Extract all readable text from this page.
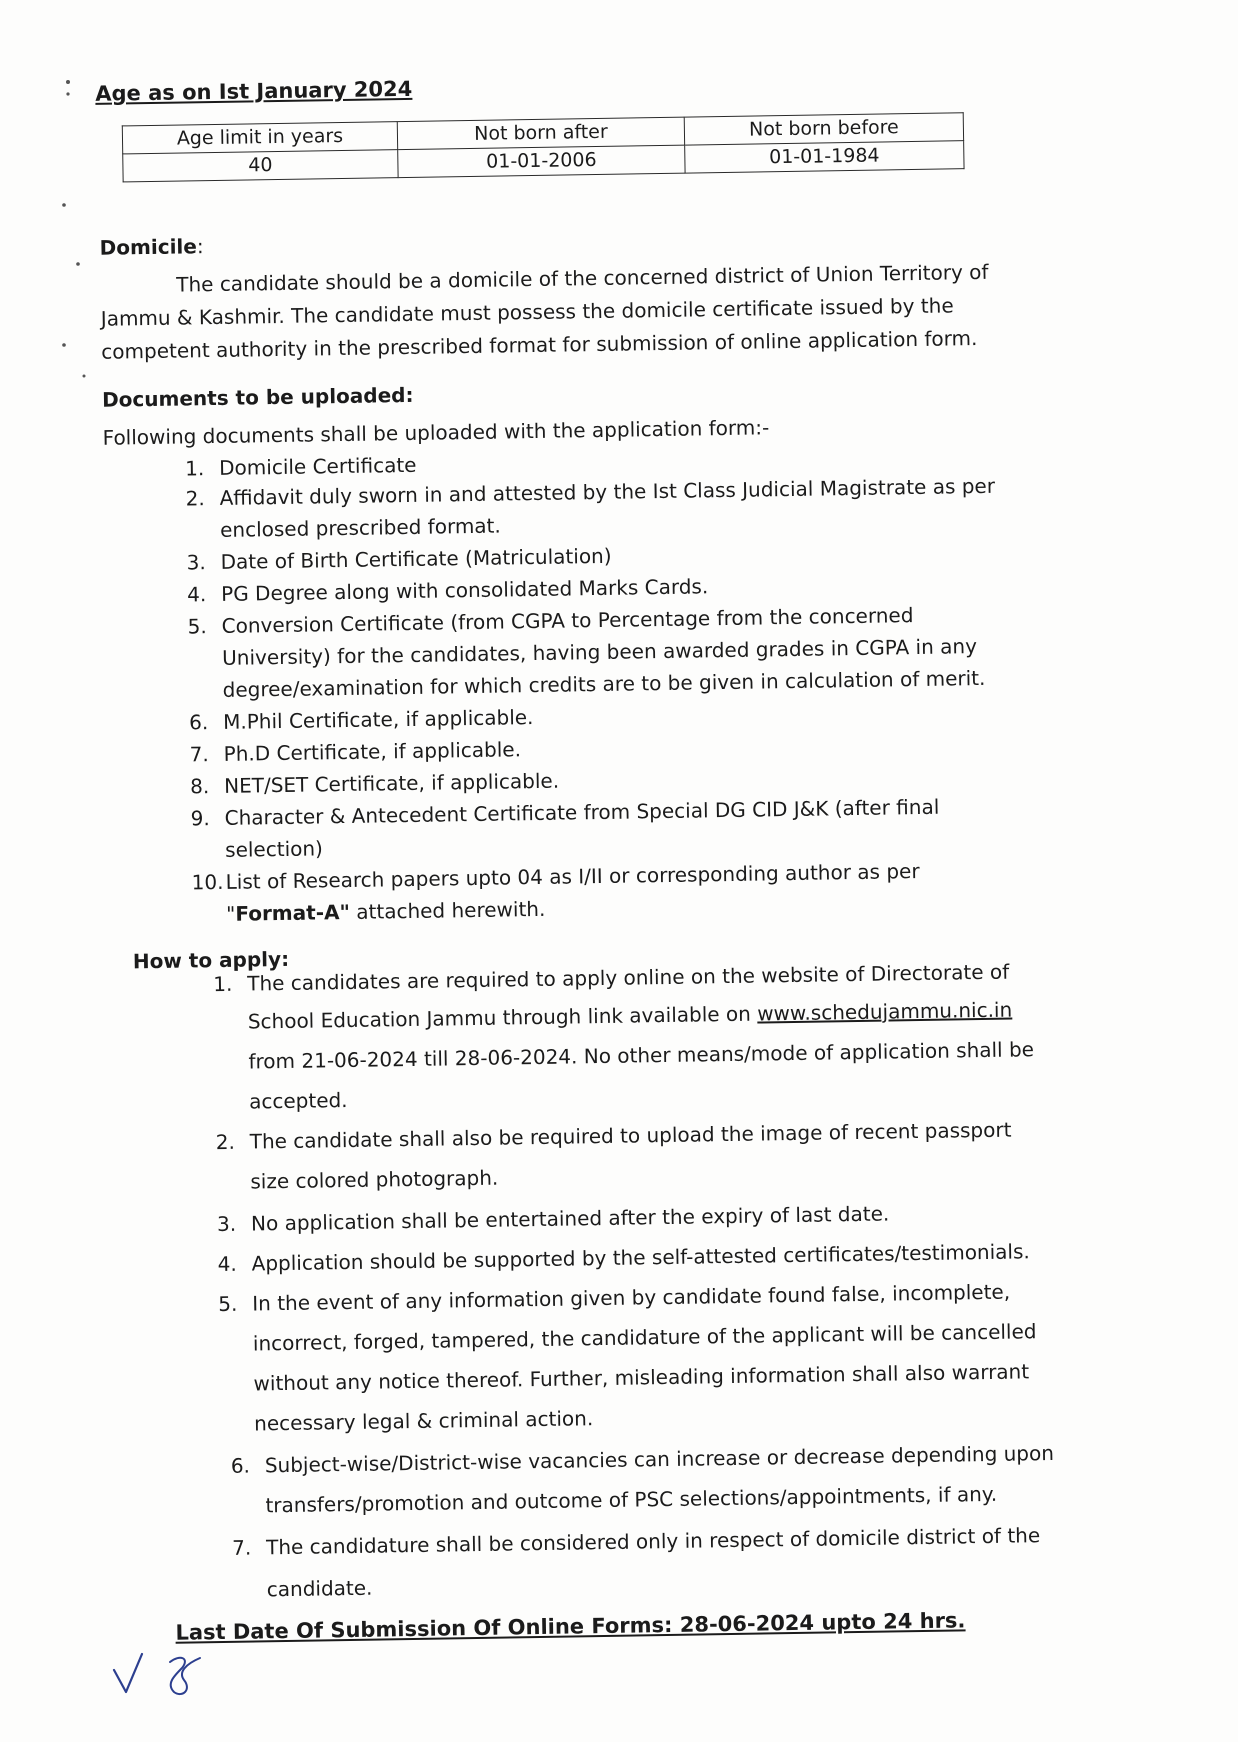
Age as on Ist January 2024
Age limit in years	Not born after	Not born before
40	01-01-2006	01-01-1984
Domicile:
The candidate should be a domicile of the concerned district of Union Territory of
Jammu & Kashmir. The candidate must possess the domicile certificate issued by the
competent authority in the prescribed format for submission of online application form.
Documents to be uploaded:
Following documents shall be uploaded with the application form:-
1. Domicile Certificate
2. Affidavit duly sworn in and attested by the Ist Class Judicial Magistrate as per
enclosed prescribed format.
3. Date of Birth Certificate (Matriculation)
4. PG Degree along with consolidated Marks Cards.
5. Conversion Certificate (from CGPA to Percentage from the concerned
University) for the candidates, having been awarded grades in CGPA in any
degree/examination for which credits are to be given in calculation of merit.
6. M.Phil Certificate, if applicable.
7. Ph.D Certificate, if applicable.
8. NET/SET Certificate, if applicable.
9. Character & Antecedent Certificate from Special DG CID J&K (after final
selection)
10.List of Research papers upto 04 as I/II or corresponding author as per
"Format-A" attached herewith.
How to apply:
1. The candidates are required to apply online on the website of Directorate of
School Education Jammu through link available on www.schedujammu.nic.in
from 21-06-2024 till 28-06-2024. No other means/mode of application shall be
accepted.
2. The candidate shall also be required to upload the image of recent passport
size colored photograph.
3. No application shall be entertained after the expiry of last date.
4. Application should be supported by the self-attested certificates/testimonials.
5. In the event of any information given by candidate found false, incomplete,
incorrect, forged, tampered, the candidature of the applicant will be cancelled
without any notice thereof. Further, misleading information shall also warrant
necessary legal & criminal action.
6. Subject-wise/District-wise vacancies can increase or decrease depending upon
transfers/promotion and outcome of PSC selections/appointments, if any.
7. The candidature shall be considered only in respect of domicile district of the
candidate.
Last Date Of Submission Of Online Forms: 28-06-2024 upto 24 hrs.
